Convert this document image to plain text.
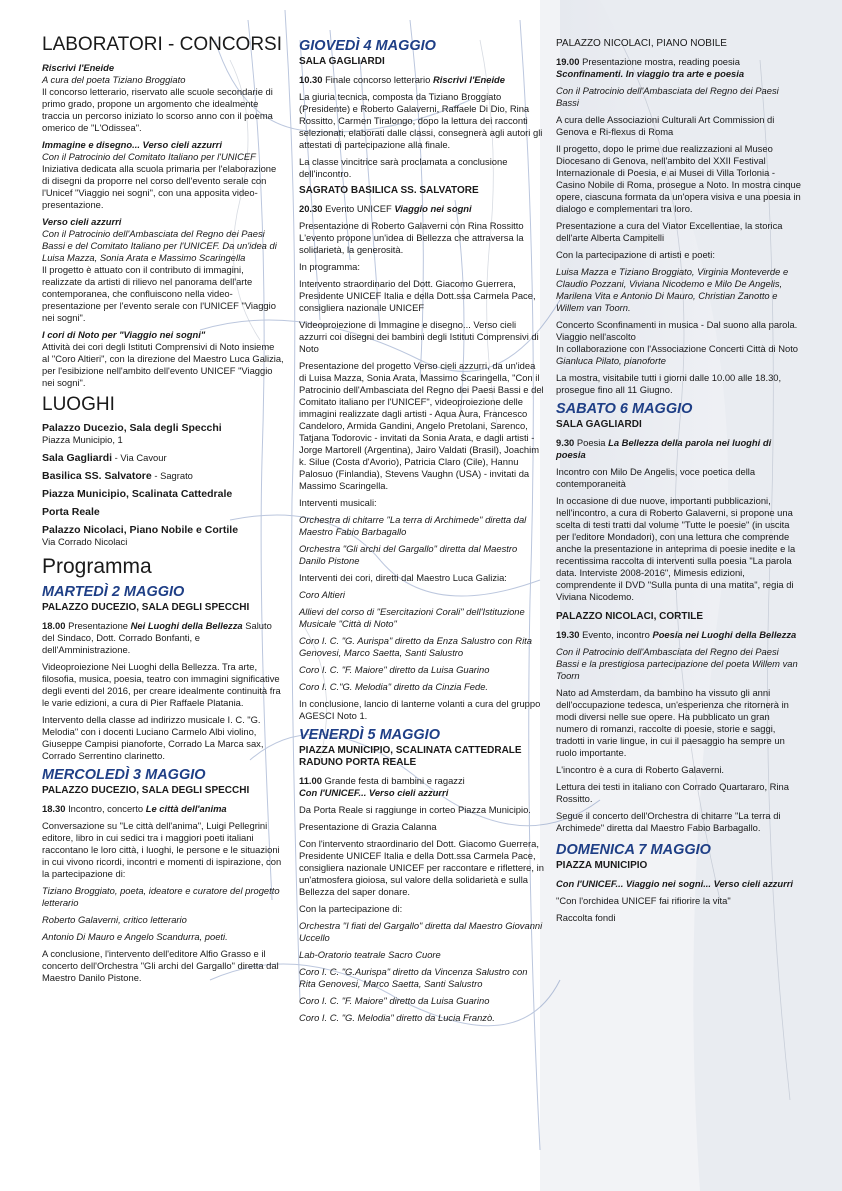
LABORATORI - CONCORSI

Riscrivi l'Eneide
A cura del poeta Tiziano Broggiato
Il concorso letterario, riservato alle scuole secondarie di primo grado, propone un argomento che idealmente traccia un percorso iniziato lo scorso anno con il poema omerico de "L'Odissea".

Immagine e disegno... Verso cieli azzurri
Con il Patrocinio del Comitato Italiano per l'UNICEF
Iniziativa dedicata alla scuola primaria per l'elaborazione di disegni da proporre nel corso dell'evento serale con l'Unicef "Viaggio nei sogni", con una apposita video-presentazione.

Verso cieli azzurri
Con il Patrocinio dell'Ambasciata del Regno dei Paesi Bassi e del Comitato Italiano per l'UNICEF. Da un'idea di Luisa Mazza, Sonia Arata e Massimo Scaringella
Il progetto è attuato con il contributo di immagini, realizzate da artisti di rilievo nel panorama dell'arte contemporanea, che confluiscono nella video-presentazione per l'evento serale con l'UNICEF "Viaggio nei sogni".

I cori di Noto per "Viaggio nei sogni"
Attività dei cori degli Istituti Comprensivi di Noto insieme al "Coro Altieri", con la direzione del Maestro Luca Galizia, per l'esibizione nell'ambito dell'evento UNICEF "Viaggio nei sogni".

LUOGHI
Palazzo Ducezio, Sala degli Specchi
Piazza Municipio, 1
Sala Gagliardi - Via Cavour
Basilica SS. Salvatore - Sagrato
Piazza Municipio, Scalinata Cattedrale
Porta Reale
Palazzo Nicolaci, Piano Nobile e Cortile
Via Corrado Nicolaci
Programma
MARTEDÌ 2 MAGGIO
PALAZZO DUCEZIO, SALA DEGLI SPECCHI

18.00 Presentazione Nei Luoghi della Bellezza Saluto del Sindaco, Dott. Corrado Bonfanti, e dell'Amministrazione.

Videoproiezione Nei Luoghi della Bellezza. Tra arte, filosofia, musica, poesia, teatro con immagini significative degli eventi del 2016, per creare idealmente continuità fra le varie edizioni, a cura di Pier Raffaele Platania.

Intervento della classe ad indirizzo musicale I. C. "G. Melodia" con i docenti Luciano Carmelo Albi violino, Giuseppe Campisi pianoforte, Corrado La Marca sax, Corrado Serrentino clarinetto.

MERCOLEDÌ 3 MAGGIO
PALAZZO DUCEZIO, SALA DEGLI SPECCHI

18.30 Incontro, concerto Le città dell'anima

Conversazione su "Le città dell'anima", Luigi Pellegrini editore, libro in cui sedici tra i maggiori poeti italiani raccontano le loro città, i luoghi, le persone e le situazioni in cui vivono ricordi, incontri e momenti di ispirazione, con la partecipazione di:

Tiziano Broggiato, poeta, ideatore e curatore del progetto letterario

Roberto Galaverni, critico letterario

Antonio Di Mauro e Angelo Scandurra, poeti.

A conclusione, l'intervento dell'editore Alfio Grasso e il concerto dell'Orchestra "Gli archi del Gargallo" diretta dal Maestro Danilo Pistone.

GIOVEDÌ 4 MAGGIO
SALA GAGLIARDI

10.30 Finale concorso letterario Riscrivi l'Eneide

La giuria tecnica, composta da Tiziano Broggiato (Presidente) e Roberto Galaverni, Raffaele Di Dio, Rina Rossitto, Carmen Tiralongo, dopo la lettura dei racconti selezionati, elaborati dalle classi, consegnerà agli autori gli attestati di partecipazione alla finale.

La classe vincitrice sarà proclamata a conclusione dell'incontro.

SAGRATO BASILICA SS. SALVATORE

20.30 Evento UNICEF Viaggio nei sogni

Presentazione di Roberto Galaverni con Rina Rossitto
L'evento propone un'idea di Bellezza che attraversa la solidarietà, la generosità.

In programma:

Intervento straordinario del Dott. Giacomo Guerrera, Presidente UNICEF Italia e della Dott.ssa Carmela Pace, consigliera nazionale UNICEF

Videoproiezione di Immagine e disegno... Verso cieli azzurri coi disegni dei bambini degli Istituti Comprensivi di Noto

Presentazione del progetto Verso cieli azzurri, da un'idea di Luisa Mazza, Sonia Arata, Massimo Scaringella, "Con il Patrocinio dell'Ambasciata del Regno dei Paesi Bassi e del Comitato italiano per l'UNICEF", videoproiezione delle immagini realizzate dagli artisti - Aqua Aura, Francesco Candeloro, Armida Gandini, Angelo Pretolani, Sarenco, Tatjana Todorovic - invitati da Sonia Arata, e dagli artisti - Jorge Martorell (Argentina), Jairo Valdati (Brasil), Joachim k. Silue (Costa d'Avorio), Patricia Claro (Cile), Hannu Palosuo (Finlandia), Stevens Vaughn (USA) - invitati da Massimo Scaringella.

Interventi musicali:

Orchestra di chitarre "La terra di Archimede" diretta dal Maestro Fabio Barbagallo

Orchestra "Gli archi del Gargallo" diretta dal Maestro Danilo Pistone

Interventi dei cori, diretti dal Maestro Luca Galizia:

Coro Altieri

Allievi del corso di "Esercitazioni Corali" dell'Istituzione Musicale "Città di Noto"

Coro I. C. "G. Aurispa" diretto da Enza Salustro con Rita Genovesi, Marco Saetta, Santi Salustro

Coro I. C. "F. Maiore" diretto da Luisa Guarino

Coro I. C."G. Melodia" diretto da Cinzia Fede.

In conclusione, lancio di lanterne volanti a cura del gruppo AGESCI Noto 1.

VENERDÌ 5 MAGGIO
PIAZZA MUNICIPIO, SCALINATA CATTEDRALE
RADUNO PORTA REALE

11.00 Grande festa di bambini e ragazzi
Con l'UNICEF... Verso cieli azzurri

Da Porta Reale si raggiunge in corteo Piazza Municipio.

Presentazione di Grazia Calanna

Con l'intervento straordinario del Dott. Giacomo Guerrera, Presidente UNICEF Italia e della Dott.ssa Carmela Pace, consigliera nazionale UNICEF per raccontare e riflettere, in un'atmosfera gioiosa, sul valore della solidarietà e sulla Bellezza del saper donare.

Con la partecipazione di:

Orchestra "I fiati del Gargallo" diretta dal Maestro Giovanni Uccello

Lab-Oratorio teatrale Sacro Cuore

Coro I. C. "G.Aurispa" diretto da Vincenza Salustro con Rita Genovesi, Marco Saetta, Santi Salustro

Coro I. C. "F. Maiore" diretto da Luisa Guarino

Coro I. C. "G. Melodia" diretto da Lucia Franzò.

PALAZZO NICOLACI, PIANO NOBILE

19.00 Presentazione mostra, reading poesia
Sconfinamenti. In viaggio tra arte e poesia

Con il Patrocinio dell'Ambasciata del Regno dei Paesi Bassi

A cura delle Associazioni Culturali Art Commission di Genova e Ri-flexus di Roma

Il progetto, dopo le prime due realizzazioni al Museo Diocesano di Genova, nell'ambito del XXII Festival Internazionale di Poesia, e ai Musei di Villa Torlonia - Casino Nobile di Roma, prosegue a Noto. In mostra cinque opere, ciascuna formata da un'opera visiva e una poesia in dialogo e complementari tra loro.

Presentazione a cura del Viator Excellentiae, la storica dell'arte Alberta Campitelli

Con la partecipazione di artisti e poeti:

Luisa Mazza e Tiziano Broggiato, Virginia Monteverde e Claudio Pozzani, Viviana Nicodemo e Milo De Angelis, Marilena Vita e Antonio Di Mauro, Christian Zanotto e Willem van Toorn.

Concerto Sconfinamenti in musica - Dal suono alla parola. Viaggio nell'ascolto
In collaborazione con l'Associazione Concerti Città di Noto
Gianluca Pilato, pianoforte

La mostra, visitabile tutti i giorni dalle 10.00 alle 18.30, prosegue fino all 11 Giugno.

SABATO 6 MAGGIO
SALA GAGLIARDI

9.30 Poesia La Bellezza della parola nei luoghi di poesia

Incontro con Milo De Angelis, voce poetica della contemporaneità

In occasione di due nuove, importanti pubblicazioni, nell'incontro, a cura di Roberto Galaverni, si propone una scelta di testi tratti dal volume "Tutte le poesie" (in uscita per l'editore Mondadori), con una lettura che comprende anche la presentazione in anteprima di poesie inedite e la recentissima raccolta di interventi sulla poesia "La parola data. Interviste 2008-2016", Mimesis edizioni, comprendente il DVD "Sulla punta di una matita", regia di Viviana Nicodemo.

PALAZZO NICOLACI, CORTILE

19.30 Evento, incontro Poesia nei Luoghi della Bellezza

Con il Patrocinio dell'Ambasciata del Regno dei Paesi Bassi e la prestigiosa partecipazione del poeta Willem van Toorn

Nato ad Amsterdam, da bambino ha vissuto gli anni dell'occupazione tedesca, un'esperienza che ritornerà in modi diversi nelle sue opere. Ha pubblicato un gran numero di romanzi, raccolte di poesie, storie e saggi, tradotti in varie lingue, in cui il paesaggio ha sempre un ruolo importante.

L'incontro è a cura di Roberto Galaverni.

Lettura dei testi in italiano con Corrado Quartararo, Rina Rossitto.

Segue il concerto dell'Orchestra di chitarre "La terra di Archimede" diretta dal Maestro Fabio Barbagallo.

DOMENICA 7 MAGGIO
PIAZZA MUNICIPIO

Con l'UNICEF... Viaggio nei sogni... Verso cieli azzurri

"Con l'orchidea UNICEF fai rifiorire la vita"

Raccolta fondi
